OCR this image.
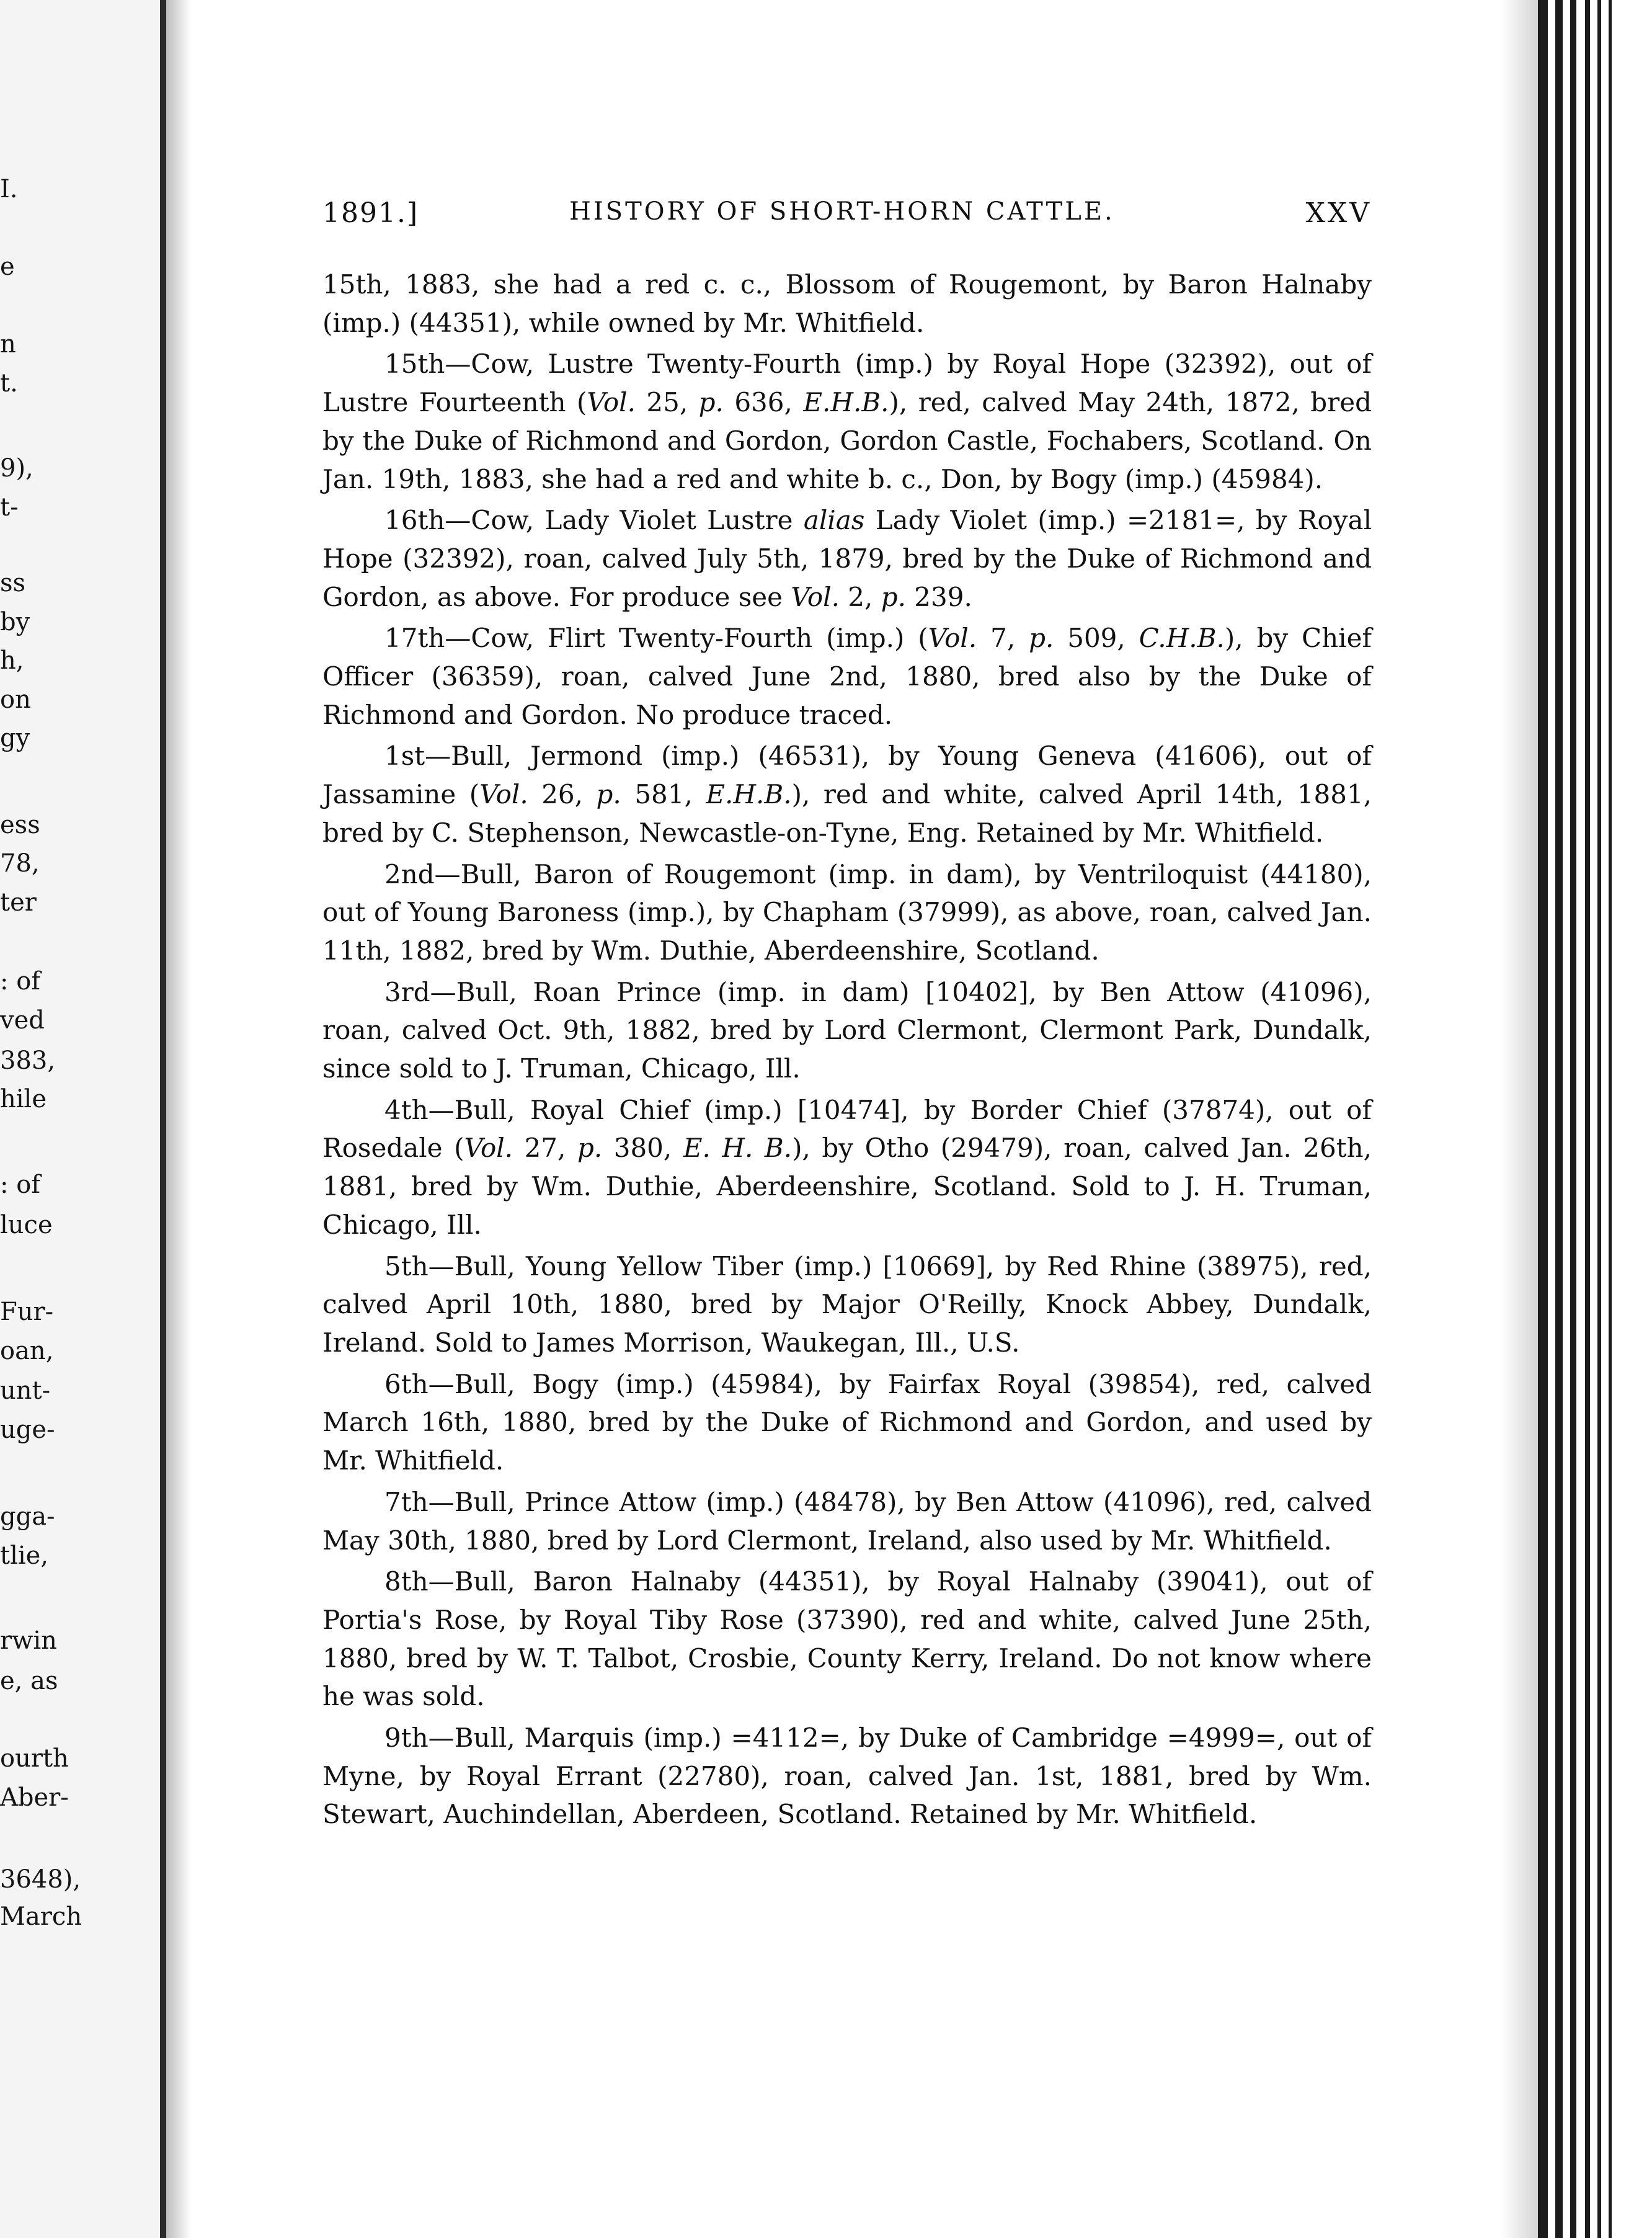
I.
e
n
t.
9),
t-
ss
by
h,
on
gy
ess
78,
ter
: of
ved
383,
hile
: of
luce
Fur-
oan,
unt-
uge-
gga-
tlie,
rwin
e, as
ourth
Aber-
3648),
March
1891.]	HISTORY OF SHORT-HORN CATTLE.	XXV

15th, 1883, she had a red c. c., Blossom of Rougemont, by Baron Halnaby (imp.) (44351), while owned by Mr. Whitfield.

15th—Cow, Lustre Twenty-Fourth (imp.) by Royal Hope (32392), out of Lustre Fourteenth (Vol. 25, p. 636, E.H.B.), red, calved May 24th, 1872, bred by the Duke of Richmond and Gordon, Gordon Castle, Fochabers, Scotland. On Jan. 19th, 1883, she had a red and white b. c., Don, by Bogy (imp.) (45984).

16th—Cow, Lady Violet Lustre alias Lady Violet (imp.) =2181=, by Royal Hope (32392), roan, calved July 5th, 1879, bred by the Duke of Richmond and Gordon, as above. For produce see Vol. 2, p. 239.

17th—Cow, Flirt Twenty-Fourth (imp.) (Vol. 7, p. 509, C.H.B.), by Chief Officer (36359), roan, calved June 2nd, 1880, bred also by the Duke of Richmond and Gordon. No produce traced.

1st—Bull, Jermond (imp.) (46531), by Young Geneva (41606), out of Jassamine (Vol. 26, p. 581, E.H.B.), red and white, calved April 14th, 1881, bred by C. Stephenson, Newcastle-on-Tyne, Eng. Retained by Mr. Whitfield.

2nd—Bull, Baron of Rougemont (imp. in dam), by Ventriloquist (44180), out of Young Baroness (imp.), by Chapham (37999), as above, roan, calved Jan. 11th, 1882, bred by Wm. Duthie, Aberdeenshire, Scotland.

3rd—Bull, Roan Prince (imp. in dam) [10402], by Ben Attow (41096), roan, calved Oct. 9th, 1882, bred by Lord Clermont, Clermont Park, Dundalk, since sold to J. Truman, Chicago, Ill.

4th—Bull, Royal Chief (imp.) [10474], by Border Chief (37874), out of Rosedale (Vol. 27, p. 380, E. H. B.), by Otho (29479), roan, calved Jan. 26th, 1881, bred by Wm. Duthie, Aberdeenshire, Scotland. Sold to J. H. Truman, Chicago, Ill.

5th—Bull, Young Yellow Tiber (imp.) [10669], by Red Rhine (38975), red, calved April 10th, 1880, bred by Major O'Reilly, Knock Abbey, Dundalk, Ireland. Sold to James Morrison, Waukegan, Ill., U.S.

6th—Bull, Bogy (imp.) (45984), by Fairfax Royal (39854), red, calved March 16th, 1880, bred by the Duke of Richmond and Gordon, and used by Mr. Whitfield.

7th—Bull, Prince Attow (imp.) (48478), by Ben Attow (41096), red, calved May 30th, 1880, bred by Lord Clermont, Ireland, also used by Mr. Whitfield.

8th—Bull, Baron Halnaby (44351), by Royal Halnaby (39041), out of Portia's Rose, by Royal Tiby Rose (37390), red and white, calved June 25th, 1880, bred by W. T. Talbot, Crosbie, County Kerry, Ireland. Do not know where he was sold.

9th—Bull, Marquis (imp.) =4112=, by Duke of Cambridge =4999=, out of Myne, by Royal Errant (22780), roan, calved Jan. 1st, 1881, bred by Wm. Stewart, Auchindellan, Aberdeen, Scotland. Retained by Mr. Whitfield.
